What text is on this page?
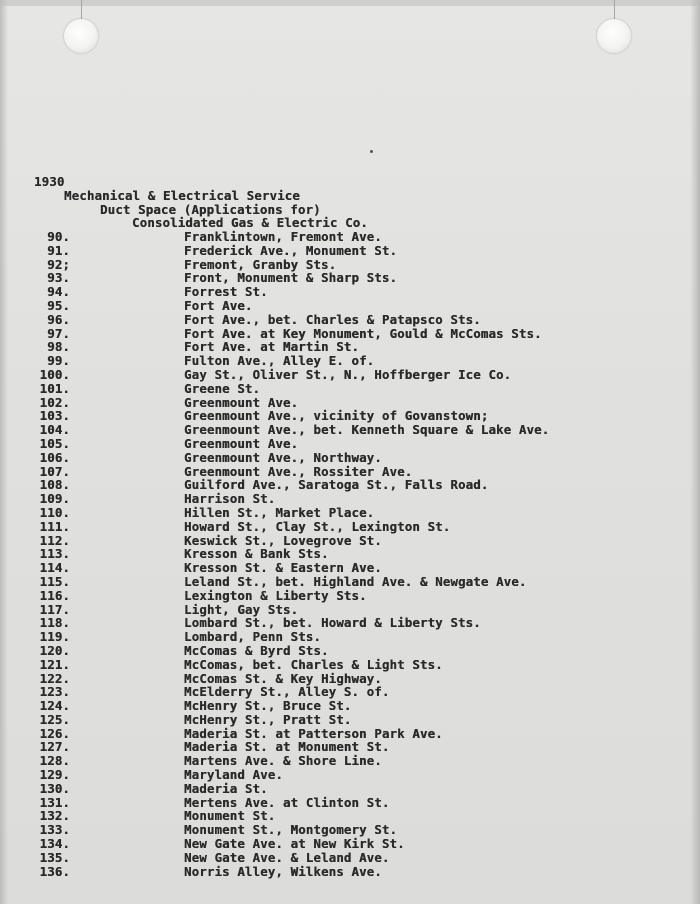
1930
Mechanical & Electrical Service
Duct Space (Applications for)
Consolidated Gas & Electric Co.
90.	Franklintown, Fremont Ave.
91.	Frederick Ave., Monument St.
92;	Fremont, Granby Sts.
93.	Front, Monument & Sharp Sts.
94.	Forrest St.
95.	Fort Ave.
96.	Fort Ave., bet. Charles & Patapsco Sts.
97.	Fort Ave. at Key Monument, Gould & McComas Sts.
98.	Fort Ave. at Martin St.
99.	Fulton Ave., Alley E. of.
100.	Gay St., Oliver St., N., Hoffberger Ice Co.
101.	Greene St.
102.	Greenmount Ave.
103.	Greenmount Ave., vicinity of Govanstown;
104.	Greenmount Ave., bet. Kenneth Square & Lake Ave.
105.	Greenmount Ave.
106.	Greenmount Ave., Northway.
107.	Greenmount Ave., Rossiter Ave.
108.	Guilford Ave., Saratoga St., Falls Road.
109.	Harrison St.
110.	Hillen St., Market Place.
111.	Howard St., Clay St., Lexington St.
112.	Keswick St., Lovegrove St.
113.	Kresson & Bank Sts.
114.	Kresson St. & Eastern Ave.
115.	Leland St., bet. Highland Ave. & Newgate Ave.
116.	Lexington & Liberty Sts.
117.	Light, Gay Sts.
118.	Lombard St., bet. Howard & Liberty Sts.
119.	Lombard, Penn Sts.
120.	McComas & Byrd Sts.
121.	McComas, bet. Charles & Light Sts.
122.	McComas St. & Key Highway.
123.	McElderry St., Alley S. of.
124.	McHenry St., Bruce St.
125.	McHenry St., Pratt St.
126.	Maderia St. at Patterson Park Ave.
127.	Maderia St. at Monument St.
128.	Martens Ave. & Shore Line.
129.	Maryland Ave.
130.	Maderia St.
131.	Mertens Ave. at Clinton St.
132.	Monument St.
133.	Monument St., Montgomery St.
134.	New Gate Ave. at New Kirk St.
135.	New Gate Ave. & Leland Ave.
136.	Norris Alley, Wilkens Ave.
